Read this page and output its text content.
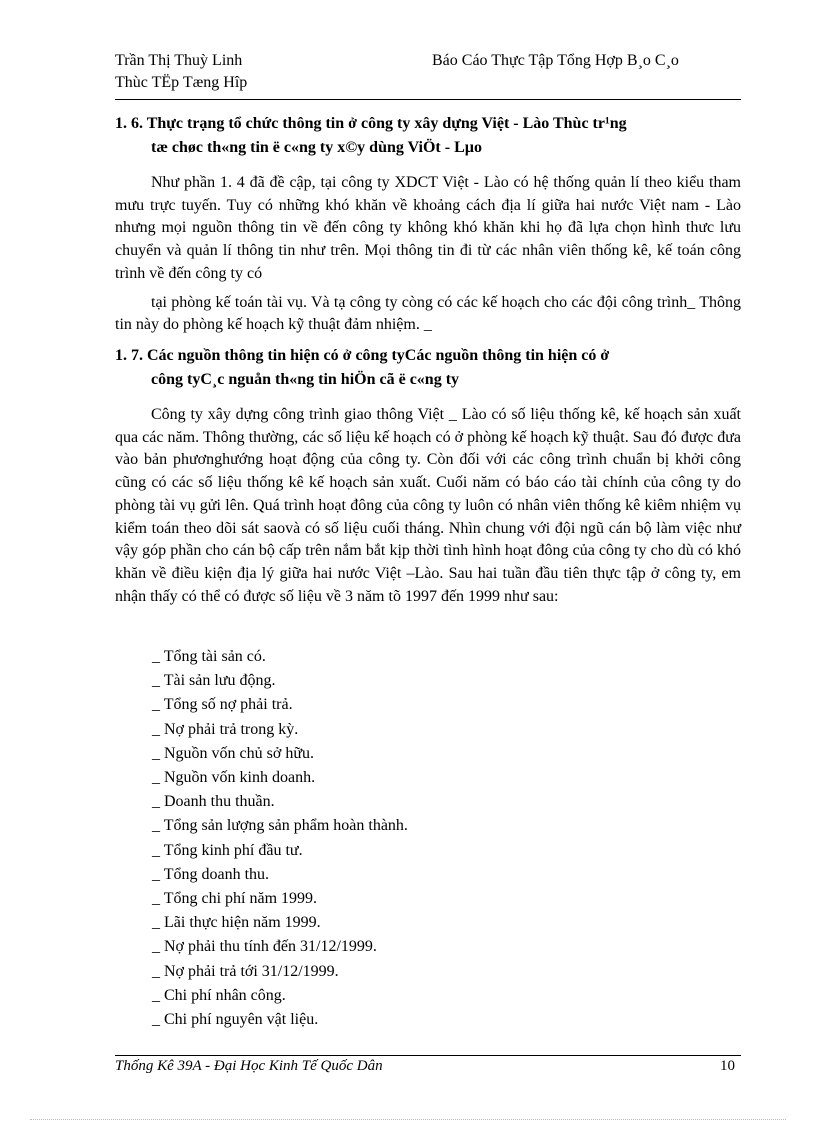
Trần Thị Thuỳ Linh
Thùc TËp Tæng Hîp
Báo Cáo Thực Tập Tổng Hợp B¸o C¸o
1. 6. Thực trạng tổ chức thông tin ở công ty xây dựng Việt - Lào Thùc tr¹ng
tæ chøc th«ng tin ë c«ng ty x©y dùng ViÖt - Lµo

Như phần 1. 4 đã đề cập, tại công ty XDCT Việt - Lào có hệ thống quản lí theo kiểu tham mưu trực tuyến. Tuy có những khó khăn về khoảng cách địa lí giữa hai nước Việt nam - Lào nhưng mọi nguồn thông tin về đến công ty không khó khăn khi họ đã lựa chọn hình thưc lưu chuyển và quản lí thông tin như trên. Mọi thông tin đi từ các nhân viên thống kê, kế toán công trình về đến công ty có

tại phòng kế toán tài vụ. Và tạ công ty còng có các kế hoạch cho các đội công trình_ Thông tin này do phòng kế hoạch kỹ thuật đảm nhiệm. _

1. 7. Các nguồn thông tin hiện có ở công tyCác nguồn thông tin hiện có ở
công tyC¸c nguån th«ng tin hiÖn cã ë c«ng ty

Công ty xây dựng công trình giao thông Việt _ Lào có số liệu thống kê, kế hoạch sản xuất qua các năm. Thông thường, các số liệu kế hoạch có ở phòng kế hoạch kỹ thuật. Sau đó được đưa vào bản phươnghướng hoạt động của công ty. Còn đối với các công trình chuẩn bị khởi công cũng có các số liệu thống kê kế hoạch sản xuất. Cuối năm có báo cáo tài chính của công ty do phòng tài vụ gửi lên. Quá trình hoạt đông của công ty luôn có nhân viên thống kê kiêm nhiệm vụ kiểm toán theo dõi sát saovà có số liệu cuối tháng. Nhìn chung với đội ngũ cán bộ làm việc như vậy góp phần cho cán bộ cấp trên nắm bắt kịp thời tình hình hoạt đông của công ty cho dù có khó khăn về điều kiện địa lý giữa hai nước Việt –Lào. Sau hai tuần đầu tiên thực tập ở công ty, em nhận thấy có thể có được số liệu về 3 năm tõ 1997 đến 1999 như sau:

_ Tổng tài sản có.
_ Tài sản lưu động.
_ Tổng số nợ phải trả.
_ Nợ phải trả trong kỳ.
_ Nguồn vốn chủ sở hữu.
_ Nguồn vốn kinh doanh.
_ Doanh thu thuần.
_ Tổng sản lượng sản phẩm hoàn thành.
_ Tổng kinh phí đầu tư.
_ Tổng doanh thu.
_ Tổng chi phí năm 1999.
_ Lãi thực hiện năm 1999.
_ Nợ phải thu tính đến 31/12/1999.
_ Nợ phải trả tới 31/12/1999.
_ Chi phí nhân công.
_ Chi phí nguyên vật liệu.
Thống Kê 39A - Đại Học Kinh Tế Quốc Dân	10
